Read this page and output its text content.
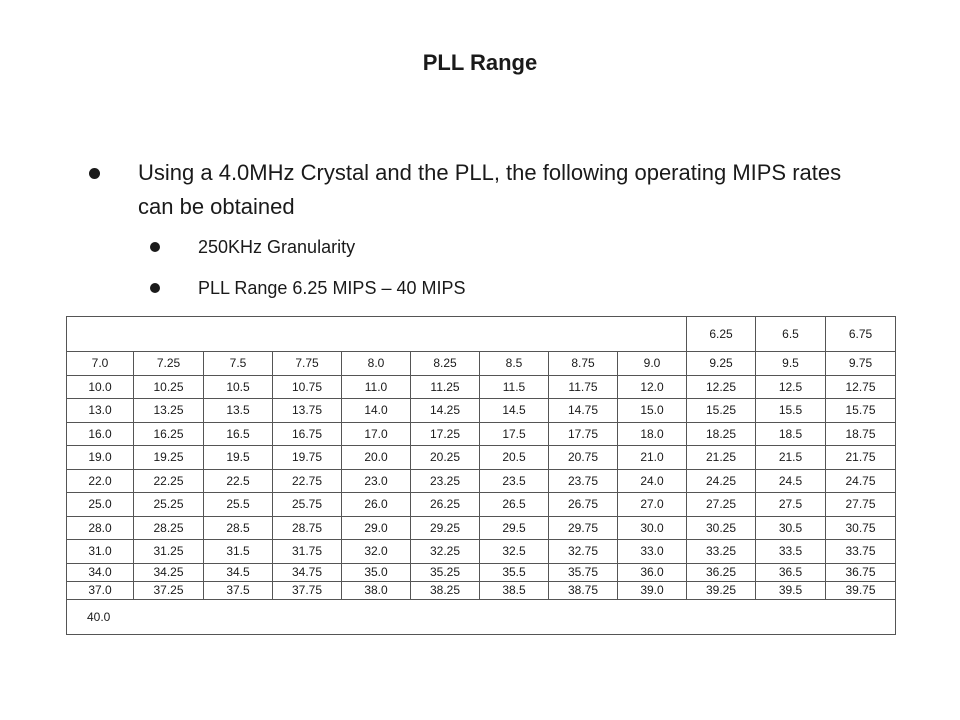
PLL Range
Using a 4.0MHz Crystal and the PLL, the following operating MIPS rates can be obtained
250KHz Granularity
PLL Range 6.25 MIPS – 40 MIPS
									6.25	6.5	6.75
7.0	7.25	7.5	7.75	8.0	8.25	8.5	8.75	9.0	9.25	9.5	9.75
10.0	10.25	10.5	10.75	11.0	11.25	11.5	11.75	12.0	12.25	12.5	12.75
13.0	13.25	13.5	13.75	14.0	14.25	14.5	14.75	15.0	15.25	15.5	15.75
16.0	16.25	16.5	16.75	17.0	17.25	17.5	17.75	18.0	18.25	18.5	18.75
19.0	19.25	19.5	19.75	20.0	20.25	20.5	20.75	21.0	21.25	21.5	21.75
22.0	22.25	22.5	22.75	23.0	23.25	23.5	23.75	24.0	24.25	24.5	24.75
25.0	25.25	25.5	25.75	26.0	26.25	26.5	26.75	27.0	27.25	27.5	27.75
28.0	28.25	28.5	28.75	29.0	29.25	29.5	29.75	30.0	30.25	30.5	30.75
31.0	31.25	31.5	31.75	32.0	32.25	32.5	32.75	33.0	33.25	33.5	33.75
34.0	34.25	34.5	34.75	35.0	35.25	35.5	35.75	36.0	36.25	36.5	36.75
37.0	37.25	37.5	37.75	38.0	38.25	38.5	38.75	39.0	39.25	39.5	39.75
40.0											
